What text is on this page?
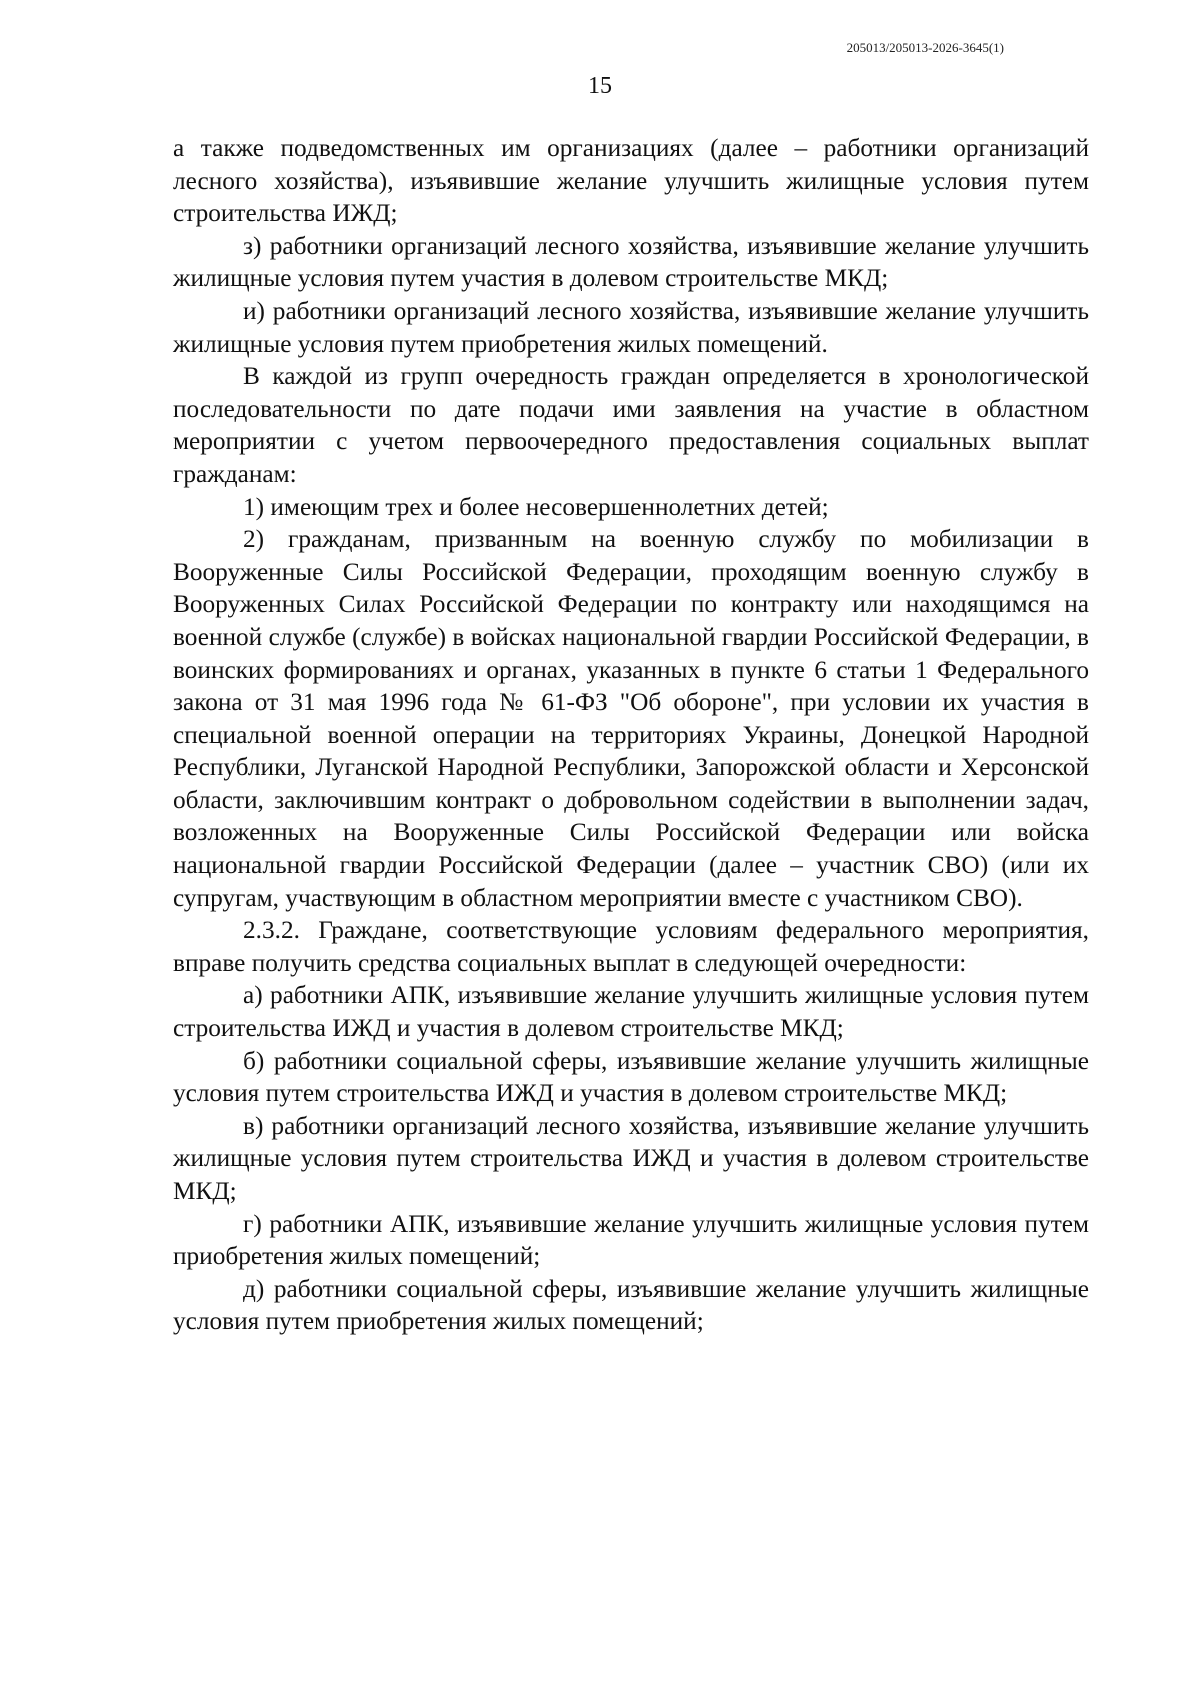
205013/205013-2026-3645(1)
15

а также подведомственных им организациях (далее – работники организаций лесного хозяйства), изъявившие желание улучшить жилищные условия путем строительства ИЖД;

з) работники организаций лесного хозяйства, изъявившие желание улучшить жилищные условия путем участия в долевом строительстве МКД;

и) работники организаций лесного хозяйства, изъявившие желание улучшить жилищные условия путем приобретения жилых помещений.

В каждой из групп очередность граждан определяется в хронологической последовательности по дате подачи ими заявления на участие в областном мероприятии с учетом первоочередного предоставления социальных выплат гражданам:

1) имеющим трех и более несовершеннолетних детей;

2) гражданам, призванным на военную службу по мобилизации в Вооруженные Силы Российской Федерации, проходящим военную службу в Вооруженных Силах Российской Федерации по контракту или находящимся на военной службе (службе) в войсках национальной гвардии Российской Федерации, в воинских формированиях и органах, указанных в пункте 6 статьи 1 Федерального закона от 31 мая 1996 года № 61-ФЗ "Об обороне", при условии их участия в специальной военной операции на территориях Украины, Донецкой Народной Республики, Луганской Народной Республики, Запорожской области и Херсонской области, заключившим контракт о добровольном содействии в выполнении задач, возложенных на Вооруженные Силы Российской Федерации или войска национальной гвардии Российской Федерации (далее – участник СВО) (или их супругам, участвующим в областном мероприятии вместе с участником СВО).

2.3.2. Граждане, соответствующие условиям федерального мероприятия, вправе получить средства социальных выплат в следующей очередности:

а) работники АПК, изъявившие желание улучшить жилищные условия путем строительства ИЖД и участия в долевом строительстве МКД;

б) работники социальной сферы, изъявившие желание улучшить жилищные условия путем строительства ИЖД и участия в долевом строительстве МКД;

в) работники организаций лесного хозяйства, изъявившие желание улучшить жилищные условия путем строительства ИЖД и участия в долевом строительстве МКД;

г) работники АПК, изъявившие желание улучшить жилищные условия путем приобретения жилых помещений;

д) работники социальной сферы, изъявившие желание улучшить жилищные условия путем приобретения жилых помещений;
